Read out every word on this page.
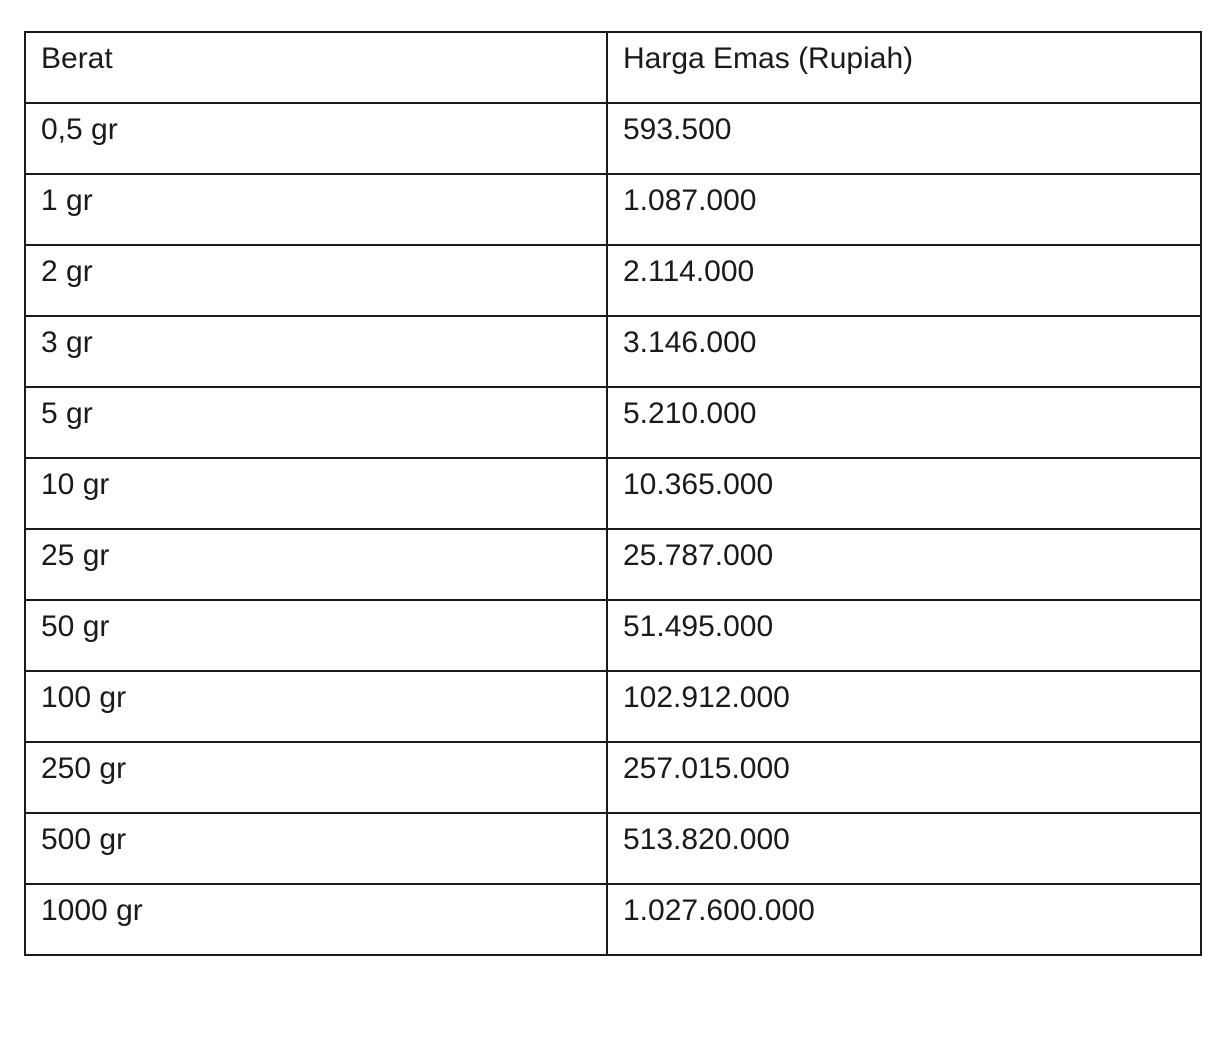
Berat	Harga Emas (Rupiah)

0,5 gr	593.500

1 gr	1.087.000

2 gr	2.114.000

3 gr	3.146.000

5 gr	5.210.000

10 gr	10.365.000

25 gr	25.787.000

50 gr	51.495.000

100 gr	102.912.000

250 gr	257.015.000

500 gr	513.820.000

1000 gr	1.027.600.000
